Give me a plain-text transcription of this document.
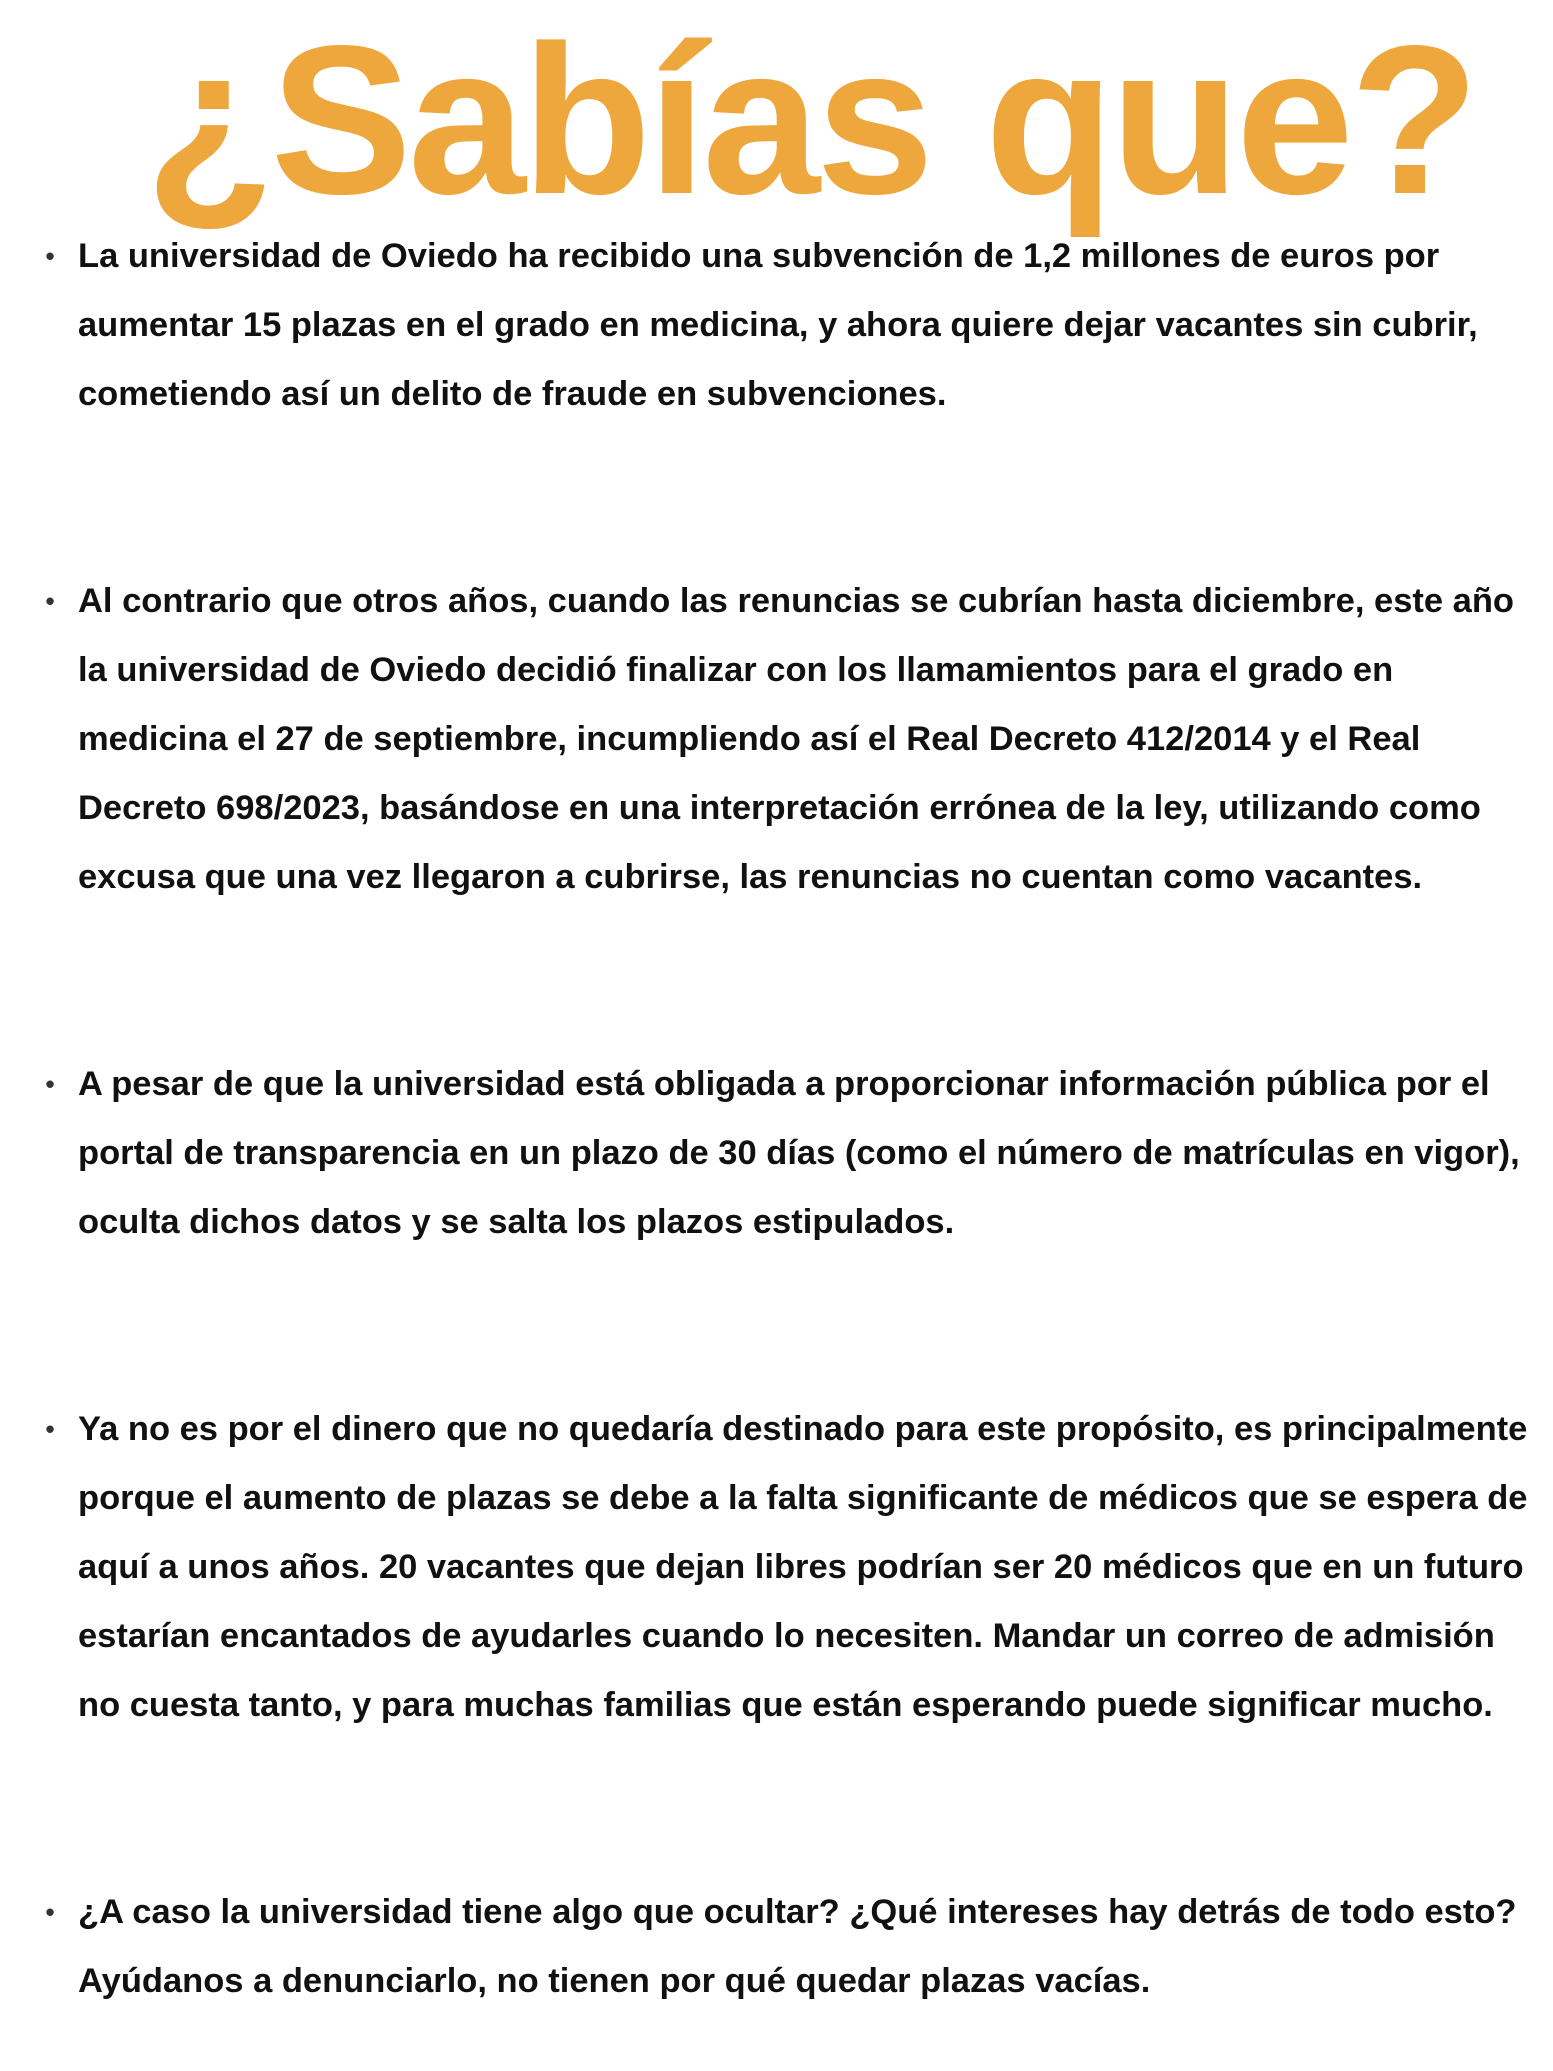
¿Sabías que?
• La universidad de Oviedo ha recibido una subvención de 1,2 millones de euros por aumentar 15 plazas en el grado en medicina, y ahora quiere dejar vacantes sin cubrir, cometiendo así un delito de fraude en subvenciones.
• Al contrario que otros años, cuando las renuncias se cubrían hasta diciembre, este año la universidad de Oviedo decidió finalizar con los llamamientos para el grado en medicina el 27 de septiembre, incumpliendo así el Real Decreto 412/2014 y el Real Decreto 698/2023, basándose en una interpretación errónea de la ley, utilizando como excusa que una vez llegaron a cubrirse, las renuncias no cuentan como vacantes.
• A pesar de que la universidad está obligada a proporcionar información pública por el portal de transparencia en un plazo de 30 días (como el número de matrículas en vigor), oculta dichos datos y se salta los plazos estipulados.
• Ya no es por el dinero que no quedaría destinado para este propósito, es principalmente porque el aumento de plazas se debe a la falta significante de médicos que se espera de aquí a unos años. 20 vacantes que dejan libres podrían ser 20 médicos que en un futuro estarían encantados de ayudarles cuando lo necesiten. Mandar un correo de admisión no cuesta tanto, y para muchas familias que están esperando puede significar mucho.
• ¿A caso la universidad tiene algo que ocultar? ¿Qué intereses hay detrás de todo esto? Ayúdanos a denunciarlo, no tienen por qué quedar plazas vacías.
